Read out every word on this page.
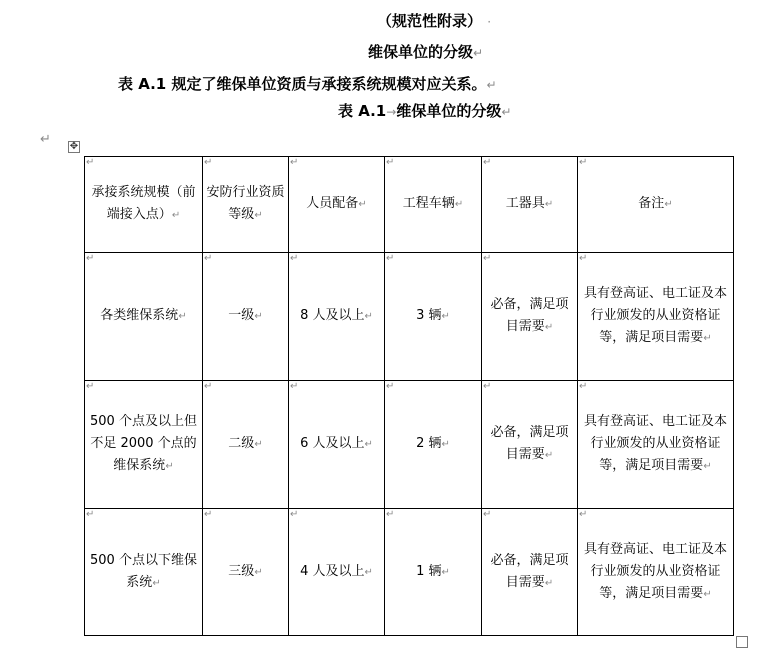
（规范性附录） ·
维保单位的分级↵
表 A.1 规定了维保单位资质与承接系统规模对应关系。↵
表 A.1→维保单位的分级↵
↵ ✥
↵
承接系统规模（前端接入点）↵	↵
安防行业资质等级↵	↵
人员配备↵	↵
工程车辆↵	↵
工器具↵	↵
备注↵

↵
各类维保系统↵	↵
一级↵	↵
8 人及以上↵	↵
3 辆↵	↵
必备，满足项目需要↵	↵
具有登高证、电工证及本行业颁发的从业资格证等，满足项目需要↵

↵
500 个点及以上但不足 2000 个点的维保系统↵	↵
二级↵	↵
6 人及以上↵	↵
2 辆↵	↵
必备，满足项目需要↵	↵
具有登高证、电工证及本行业颁发的从业资格证等，满足项目需要↵

↵
500 个点以下维保系统↵	↵
三级↵	↵
4 人及以上↵	↵
1 辆↵	↵
必备，满足项目需要↵	↵
具有登高证、电工证及本行业颁发的从业资格证等，满足项目需要↵
